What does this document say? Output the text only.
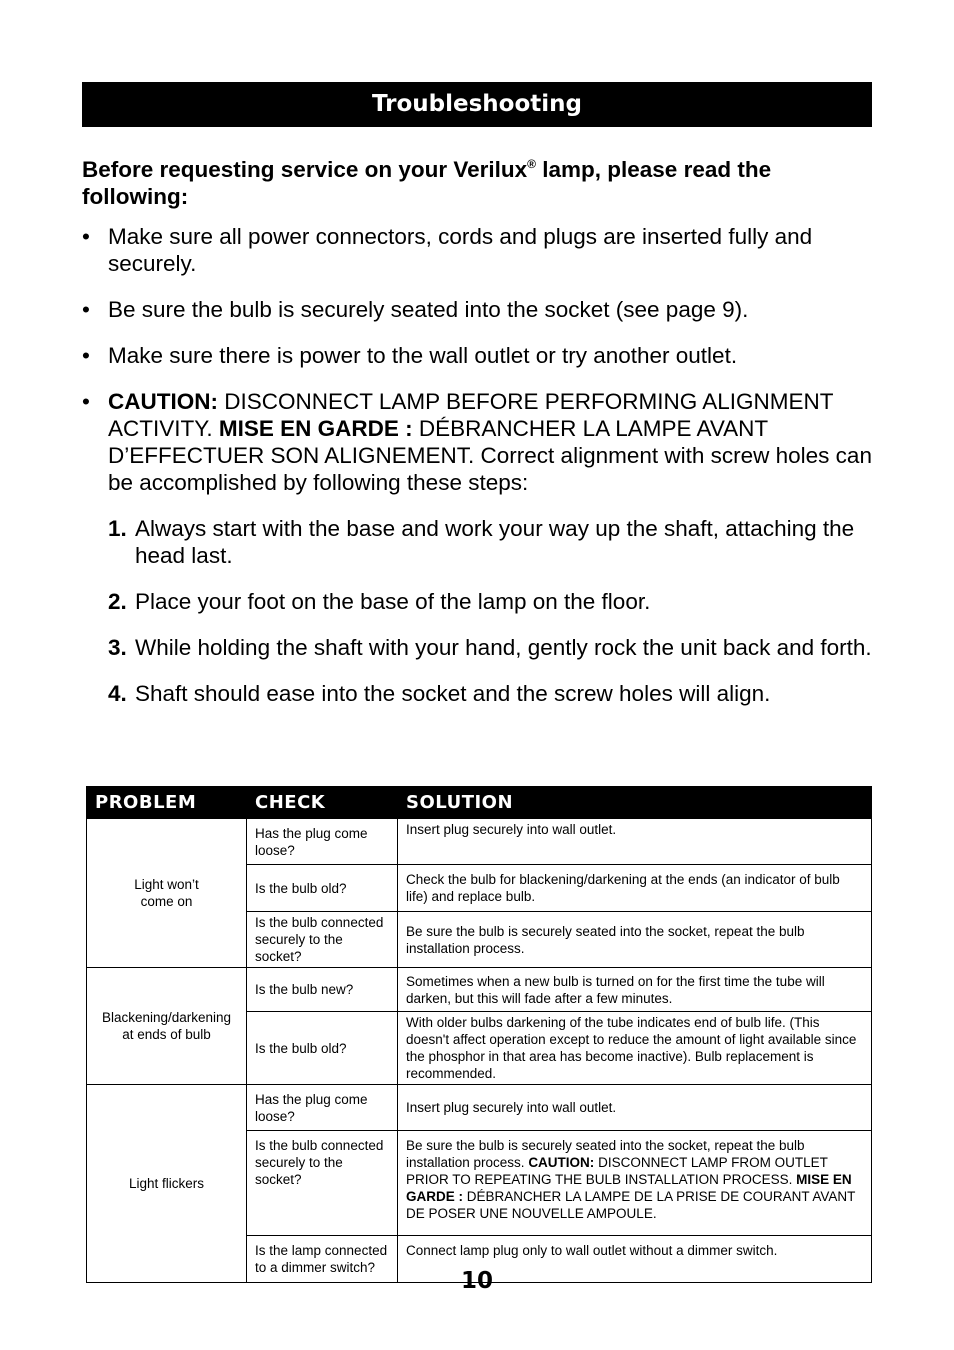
Troubleshooting
Before requesting service on your Verilux® lamp, please read the following:
• Make sure all power connectors, cords and plugs are inserted fully and securely.
• Be sure the bulb is securely seated into the socket (see page 9).
• Make sure there is power to the wall outlet or try another outlet.
• CAUTION: DISCONNECT LAMP BEFORE PERFORMING ALIGNMENT ACTIVITY. MISE EN GARDE : DÉBRANCHER LA LAMPE AVANT D’EFFECTUER SON ALIGNEMENT. Correct alignment with screw holes can be accomplished by following these steps:
1. Always start with the base and work your way up the shaft, attaching the head last.
2. Place your foot on the base of the lamp on the floor.
3. While holding the shaft with your hand, gently rock the unit back and forth.
4. Shaft should ease into the socket and the screw holes will align.
PROBLEM	CHECK	SOLUTION

Light won’t come on	Has the plug come loose?	Insert plug securely into wall outlet.
	Is the bulb old?	Check the bulb for blackening/darkening at the ends (an indicator of bulb life) and replace bulb.
	Is the bulb connected securely to the socket?	Be sure the bulb is securely seated into the socket, repeat the bulb installation process.
Blackening/darkening at ends of bulb	Is the bulb new?	Sometimes when a new bulb is turned on for the first time the tube will darken, but this will fade after a few minutes.
	Is the bulb old?	With older bulbs darkening of the tube indicates end of bulb life. (This doesn't affect operation except to reduce the amount of light available since the phosphor in that area has become inactive). Bulb replacement is recommended.
Light flickers	Has the plug come loose?	Insert plug securely into wall outlet.
	Is the bulb connected securely to the socket?	Be sure the bulb is securely seated into the socket, repeat the bulb installation process. CAUTION: DISCONNECT LAMP FROM OUTLET PRIOR TO REPEATING THE BULB INSTALLATION PROCESS. MISE EN GARDE : DÉBRANCHER LA LAMPE DE LA PRISE DE COURANT AVANT DE POSER UNE NOUVELLE AMPOULE.
	Is the lamp connected to a dimmer switch?	Connect lamp plug only to wall outlet without a dimmer switch.
10
